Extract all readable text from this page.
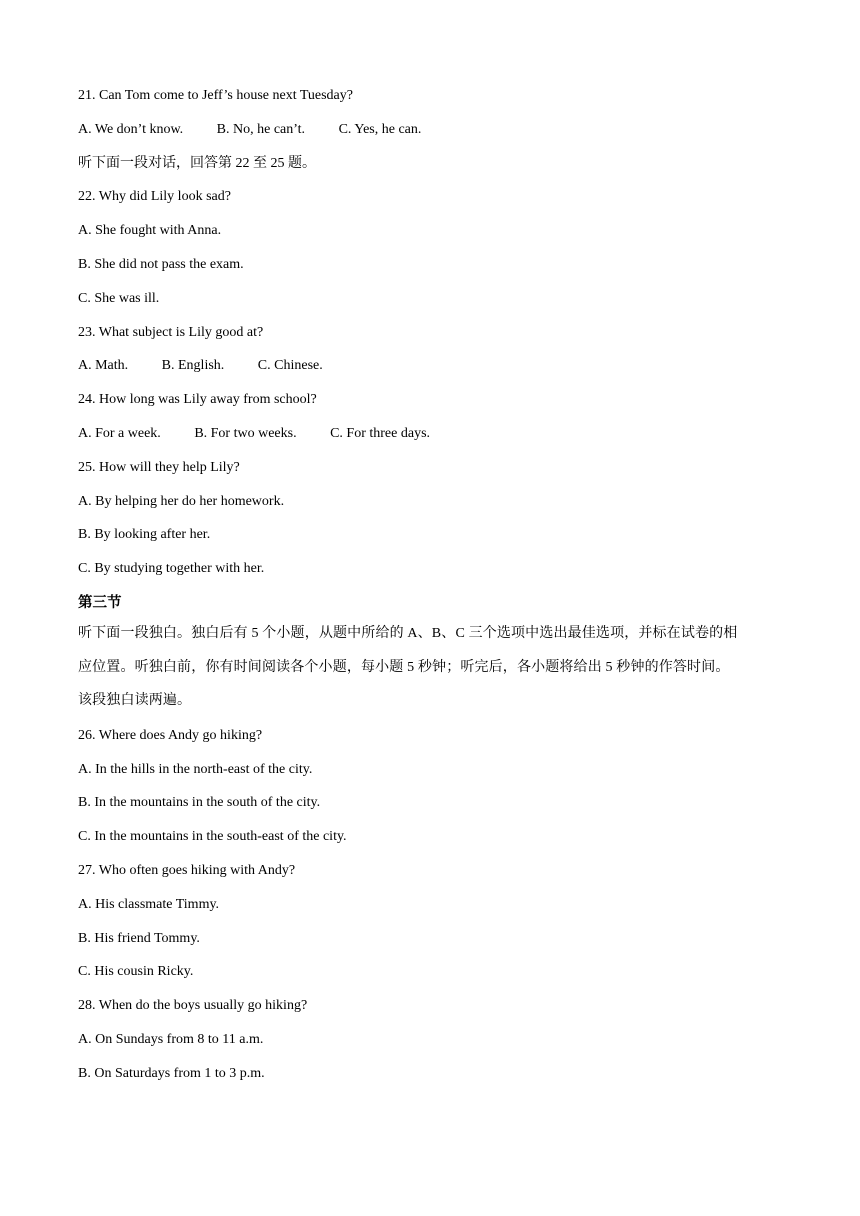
21. Can Tom come to Jeff’s house next Tuesday?
A. We don’t know. B. No, he can’t. C. Yes, he can.
听下面一段对话，回答第 22 至 25 题。
22. Why did Lily look sad?
A. She fought with Anna.
B. She did not pass the exam.
C. She was ill.
23. What subject is Lily good at?
A. Math. B. English. C. Chinese.
24. How long was Lily away from school?
A. For a week. B. For two weeks. C. For three days.
25. How will they help Lily?
A. By helping her do her homework.
B. By looking after her.
C. By studying together with her.
第三节
听下面一段独白。独白后有 5 个小题，从题中所给的 A、B、C 三个选项中选出最佳选项，并标在试卷的相
应位置。听独白前，你有时间阅读各个小题，每小题 5 秒钟；听完后，各小题将给出 5 秒钟的作答时间。
该段独白读两遍。
26. Where does Andy go hiking?
A. In the hills in the north-east of the city.
B. In the mountains in the south of the city.
C. In the mountains in the south-east of the city.
27. Who often goes hiking with Andy?
A. His classmate Timmy.
B. His friend Tommy.
C. His cousin Ricky.
28. When do the boys usually go hiking?
A. On Sundays from 8 to 11 a.m.
B. On Saturdays from 1 to 3 p.m.
